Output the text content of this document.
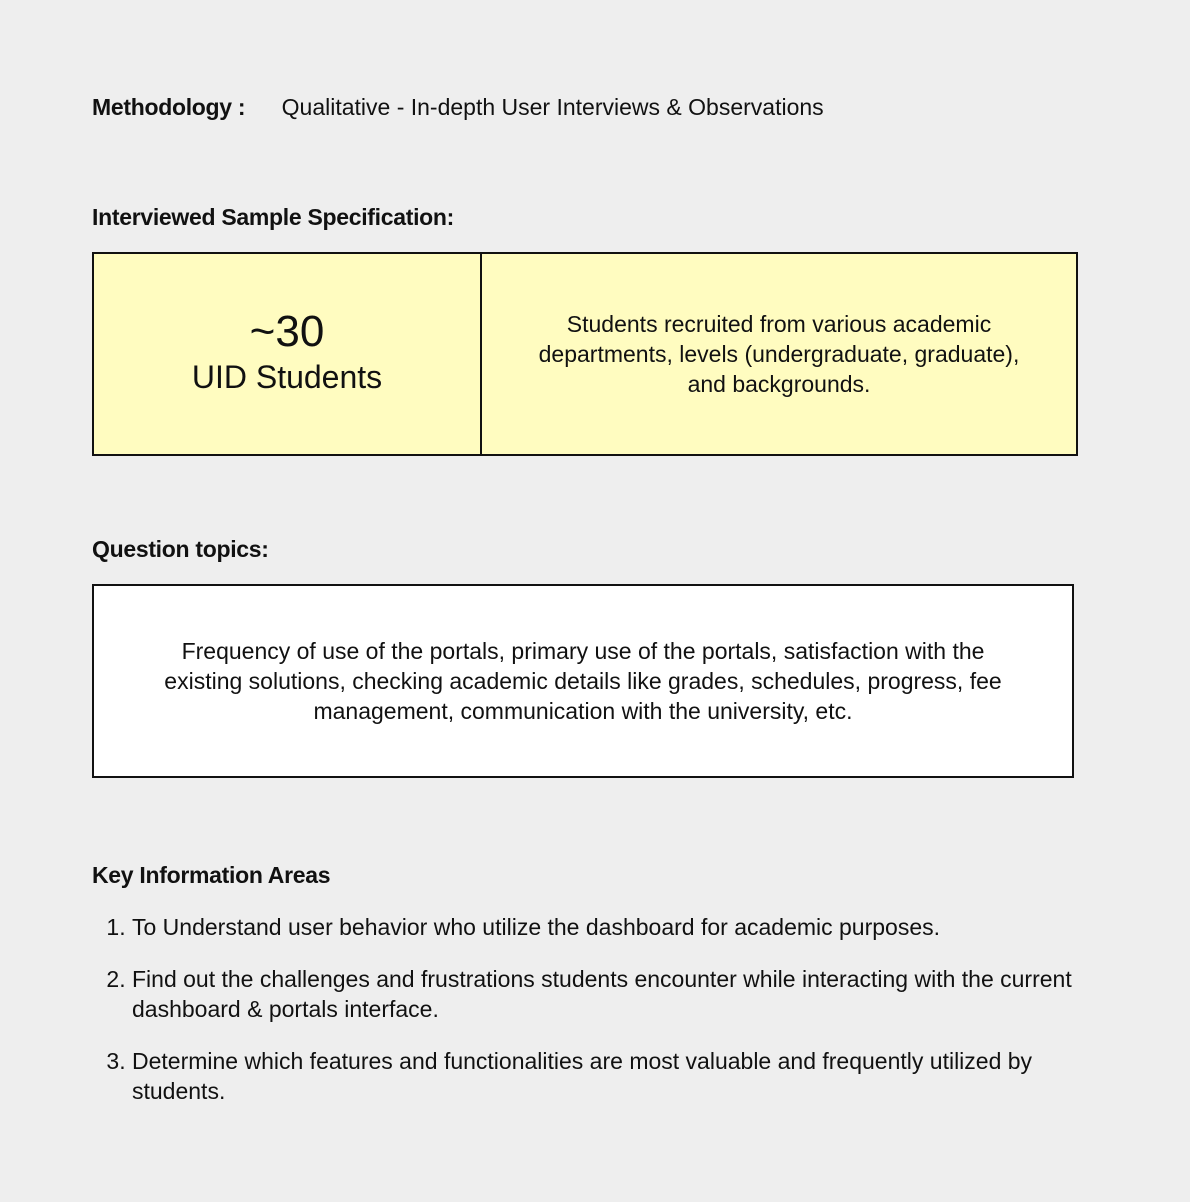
Methodology : Qualitative - In-depth User Interviews & Observations
Interviewed Sample Specification:
~30
UID Students
Students recruited from various academic departments, levels (undergraduate, graduate), and backgrounds.
Question topics:
Frequency of use of the portals, primary use of the portals, satisfaction with the existing solutions, checking academic details like grades, schedules, progress, fee management, communication with the university, etc.
Key Information Areas
1. To Understand user behavior who utilize the dashboard for academic purposes.
2. Find out the challenges and frustrations students encounter while interacting with the current dashboard & portals interface.
3. Determine which features and functionalities are most valuable and frequently utilized by students.
